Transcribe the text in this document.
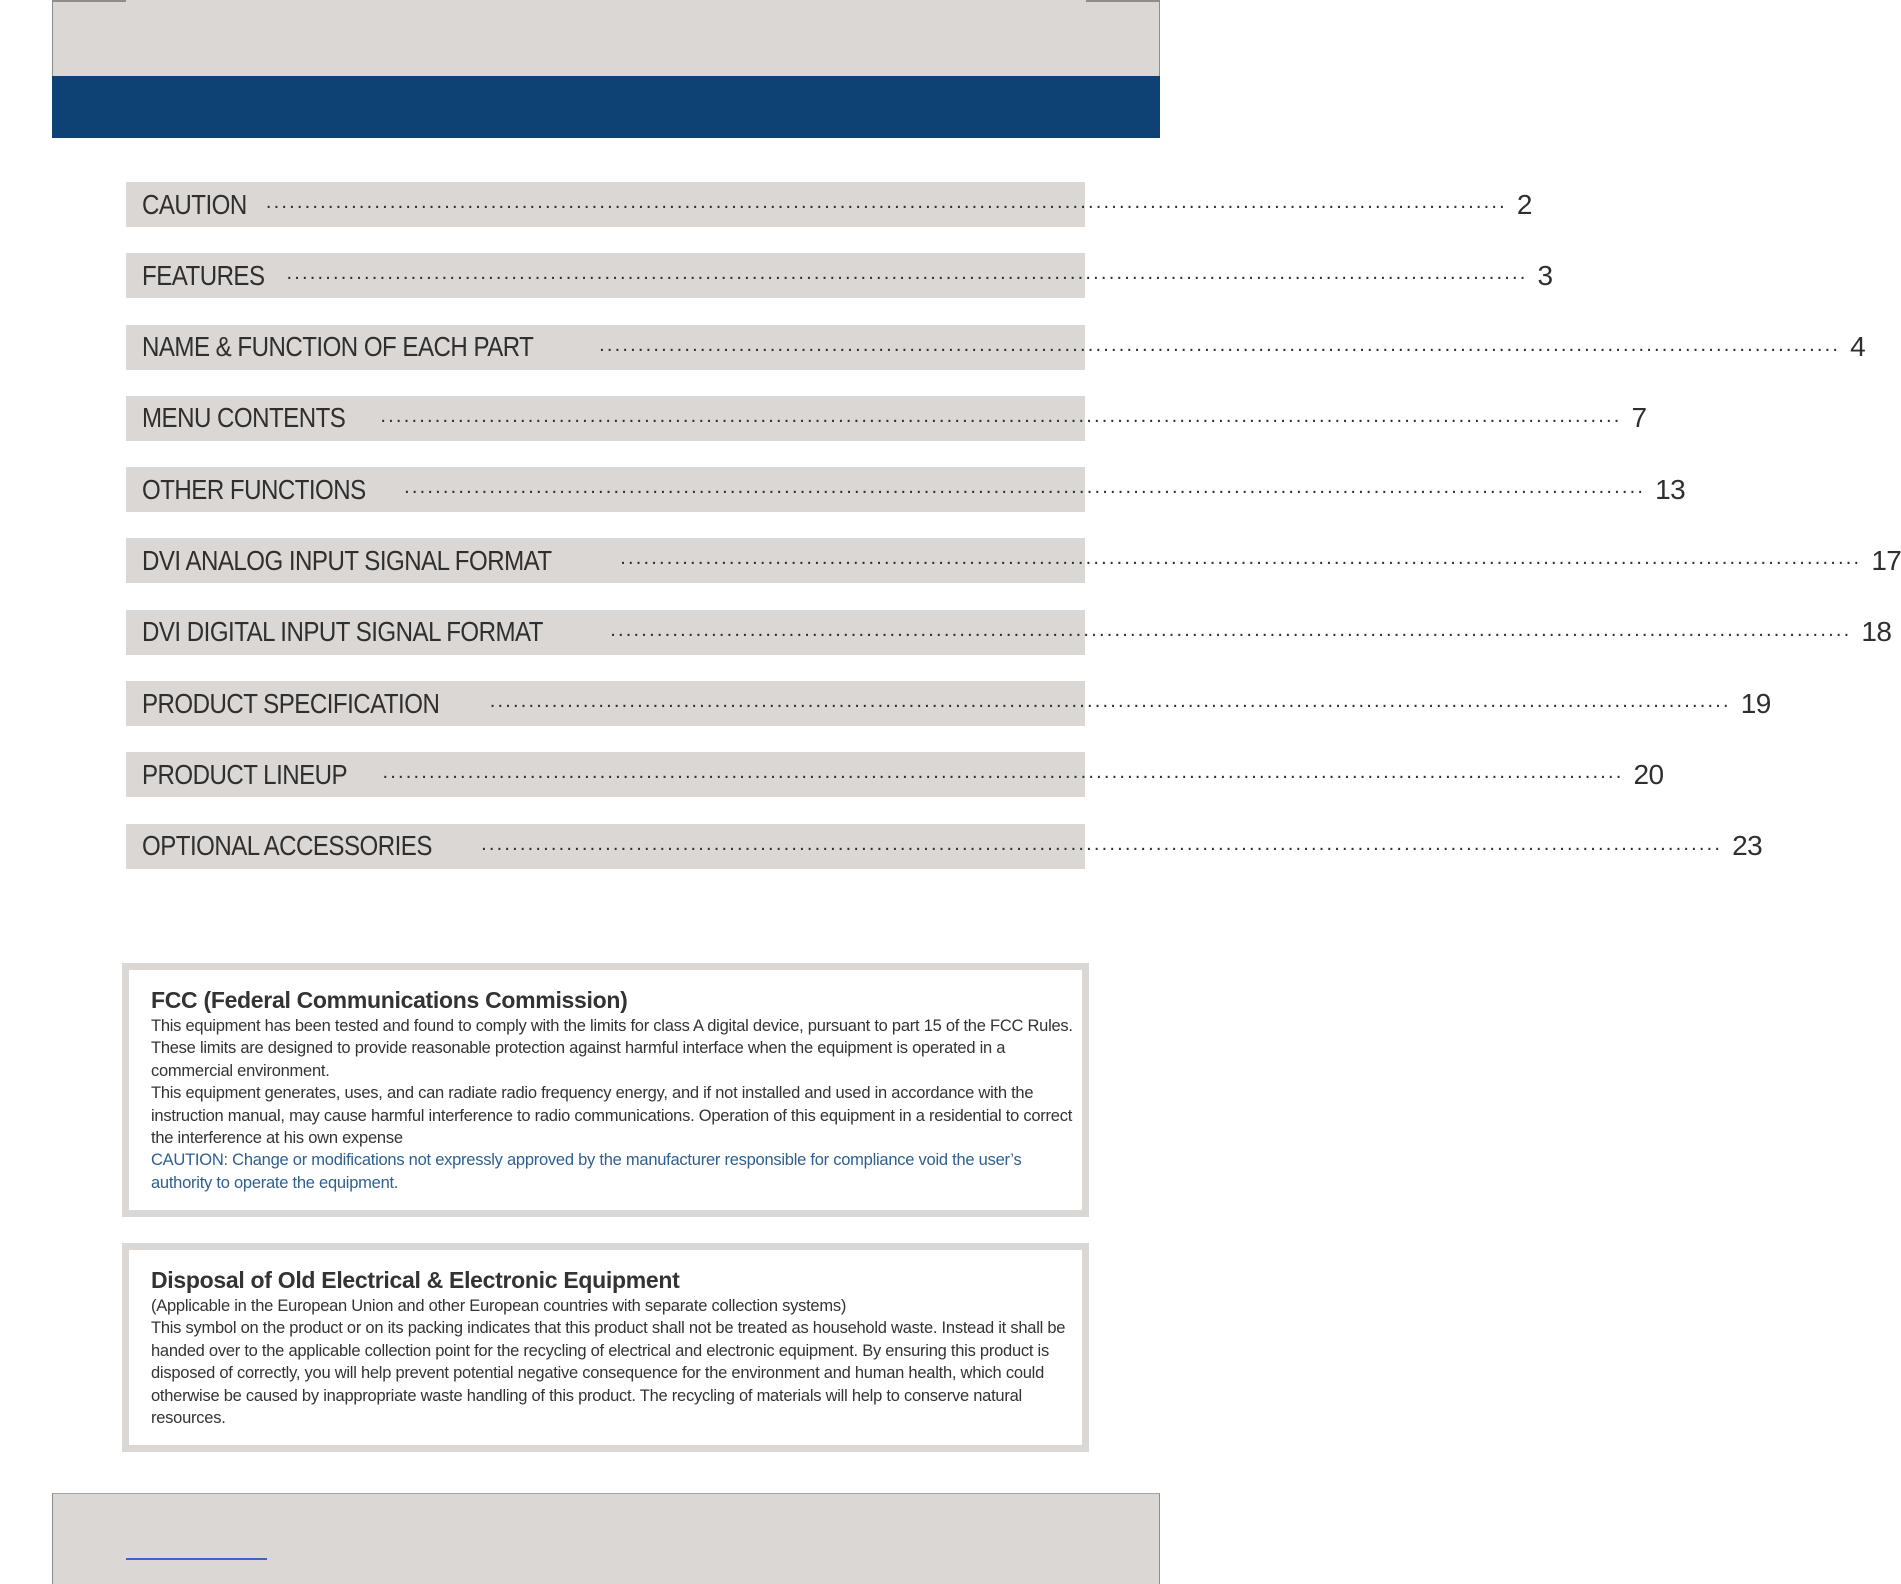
CAUTION ................................................................................................................................................................ 2
FEATURES ................................................................................................................................................................ 3
NAME & FUNCTION OF EACH PART	................................................................................................................................................................ 4
MENU CONTENTS ................................................................................................................................................................ 7
OTHER FUNCTIONS ................................................................................................................................................................ 13
DVI ANALOG INPUT SIGNAL FORMAT	................................................................................................................................................................ 17
DVI DIGITAL INPUT SIGNAL FORMAT	................................................................................................................................................................ 18
PRODUCT SPECIFICATION	................................................................................................................................................................ 19
PRODUCT LINEUP ................................................................................................................................................................ 20
OPTIONAL ACCESSORIES ................................................................................................................................................................ 23
FCC (Federal Communications Commission)

This equipment has been tested and found to comply with the limits for class A digital device, pursuant to part 15 of the FCC Rules. These limits are designed to provide reasonable protection against harmful interface when the equipment is operated in a commercial environment.

This equipment generates, uses, and can radiate radio frequency energy, and if not installed and used in accordance with the instruction manual, may cause harmful interference to radio communications. Operation of this equipment in a residential to correct the interference at his own expense

CAUTION: Change or modifications not expressly approved by the manufacturer responsible for compliance void the user’s authority to operate the equipment.

Disposal of Old Electrical & Electronic Equipment

(Applicable in the European Union and other European countries with separate collection systems)

This symbol on the product or on its packing indicates that this product shall not be treated as household waste. Instead it shall be handed over to the applicable collection point for the recycling of electrical and electronic equipment. By ensuring this product is disposed of correctly, you will help prevent potential negative consequence for the environment and human health, which could otherwise be caused by inappropriate waste handling of this product. The recycling of materials will help to conserve natural resources.
